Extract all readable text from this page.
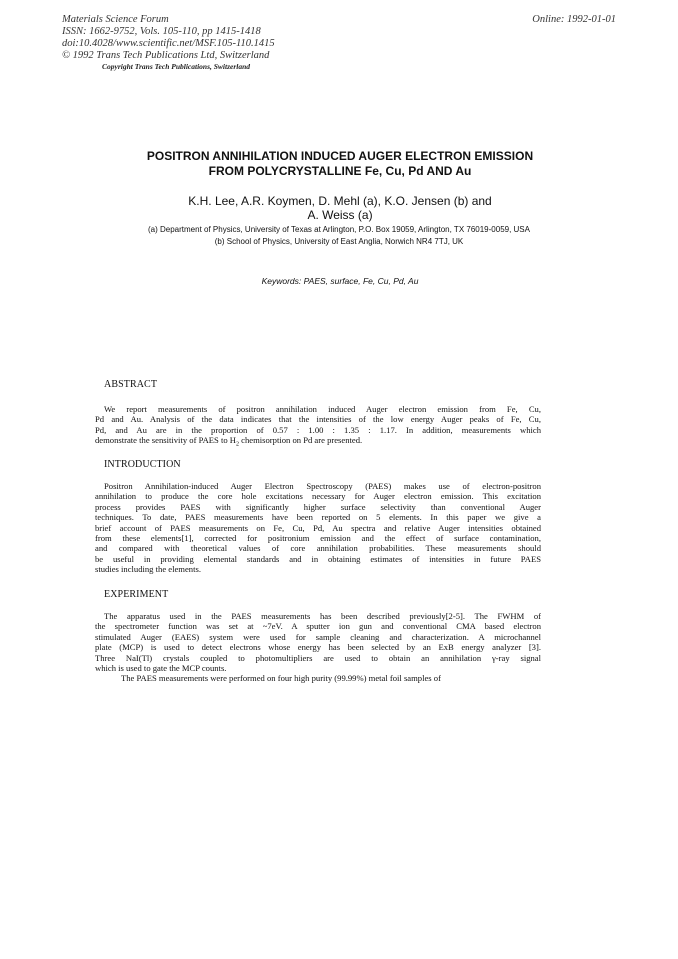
Materials Science Forum
ISSN: 1662-9752, Vols. 105-110, pp 1415-1418
doi:10.4028/www.scientific.net/MSF.105-110.1415
© 1992 Trans Tech Publications Ltd, Switzerland
Copyright Trans Tech Publications, Switzerland
Online: 1992-01-01
POSITRON ANNIHILATION INDUCED AUGER ELECTRON EMISSION
FROM POLYCRYSTALLINE Fe, Cu, Pd AND Au
K.H. Lee, A.R. Koymen, D. Mehl (a), K.O. Jensen (b) and
A. Weiss (a)
(a) Department of Physics, University of Texas at Arlington, P.O. Box 19059, Arlington, TX 76019-0059, USA
(b) School of Physics, University of East Anglia, Norwich NR4 7TJ, UK
Keywords: PAES, surface, Fe, Cu, Pd, Au
ABSTRACT
We report measurements of positron annihilation induced Auger electron emission from Fe, Cu,
Pd and Au. Analysis of the data indicates that the intensities of the low energy Auger peaks of Fe, Cu,
Pd, and Au are in the proportion of 0.57 : 1.00 : 1.35 : 1.17. In addition, measurements which
demonstrate the sensitivity of PAES to $H_2$ chemisorption on Pd are presented.
INTRODUCTION
Positron Annihilation-induced Auger Electron Spectroscopy (PAES) makes use of electron-positron
annihilation to produce the core hole excitations necessary for Auger electron emission. This excitation
process provides PAES with significantly higher surface selectivity than conventional Auger
techniques. To date, PAES measurements have been reported on 5 elements. In this paper we give a
brief account of PAES measurements on Fe, Cu, Pd, Au spectra and relative Auger intensities obtained
from these elements[1], corrected for positronium emission and the effect of surface contamination,
and compared with theoretical values of core annihilation probabilities. These measurements should
be useful in providing elemental standards and in obtaining estimates of intensities in future PAES
studies including the elements.
EXPERIMENT
The apparatus used in the PAES measurements has been described previously[2-5]. The FWHM of
the spectrometer function was set at ~7eV. A sputter ion gun and conventional CMA based electron
stimulated Auger (EAES) system were used for sample cleaning and characterization. A microchannel
plate (MCP) is used to detect electrons whose energy has been selected by an ExB energy analyzer [3].
Three NaI(Tl) crystals coupled to photomultipliers are used to obtain an annihilation γ-ray signal
which is used to gate the MCP counts.
The PAES measurements were performed on four high purity (99.99%) metal foil samples of
